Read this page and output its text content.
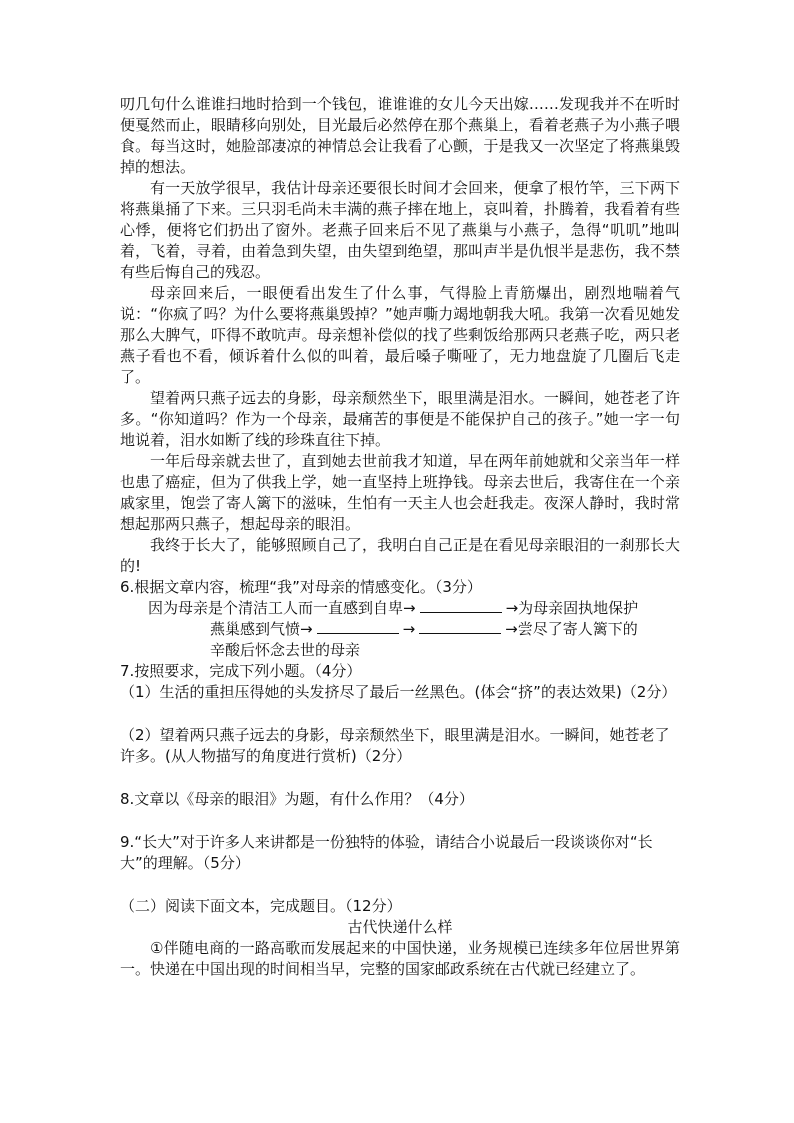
叨几句什么谁谁扫地时拾到一个钱包，谁谁谁的女儿今天出嫁……发现我并不在听时便戛然而止，眼睛移向别处，目光最后必然停在那个燕巢上，看着老燕子为小燕子喂食。每当这时，她脸部凄凉的神情总会让我看了心颤，于是我又一次坚定了将燕巢毁掉的想法。

有一天放学很早，我估计母亲还要很长时间才会回来，便拿了根竹竿，三下两下将燕巢捅了下来。三只羽毛尚未丰满的燕子摔在地上，哀叫着，扑腾着，我看着有些心悸，便将它们扔出了窗外。老燕子回来后不见了燕巢与小燕子，急得“叽叽”地叫着，飞着，寻着，由着急到失望，由失望到绝望，那叫声半是仇恨半是悲伤，我不禁有些后悔自己的残忍。

母亲回来后，一眼便看出发生了什么事，气得脸上青筋爆出，剧烈地喘着气说：“你疯了吗？为什么要将燕巢毁掉？”她声嘶力竭地朝我大吼。我第一次看见她发那么大脾气，吓得不敢吭声。母亲想补偿似的找了些剩饭给那两只老燕子吃，两只老燕子看也不看，倾诉着什么似的叫着，最后嗓子嘶哑了，无力地盘旋了几圈后飞走了。

望着两只燕子远去的身影，母亲颓然坐下，眼里满是泪水。一瞬间，她苍老了许多。“你知道吗？作为一个母亲，最痛苦的事便是不能保护自己的孩子。”她一字一句地说着，泪水如断了线的珍珠直往下掉。

一年后母亲就去世了，直到她去世前我才知道，早在两年前她就和父亲当年一样也患了癌症，但为了供我上学，她一直坚持上班挣钱。母亲去世后，我寄住在一个亲戚家里，饱尝了寄人篱下的滋味，生怕有一天主人也会赶我走。夜深人静时，我时常想起那两只燕子，想起母亲的眼泪。

我终于长大了，能够照顾自己了，我明白自己正是在看见母亲眼泪的一刹那长大的!

6.根据文章内容，梳理“我”对母亲的情感变化。（3分）

因为母亲是个清洁工人而一直感到自卑→	→为母亲固执地保护

燕巢感到气愤→	→	→尝尽了寄人篱下的

辛酸后怀念去世的母亲

7.按照要求，完成下列小题。（4分）

（1）生活的重担压得她的头发挤尽了最后一丝黑色。(体会“挤”的表达效果)（2分）

（2）望着两只燕子远去的身影，母亲颓然坐下，眼里满是泪水。一瞬间，她苍老了许多。(从人物描写的角度进行赏析)（2分）

8.文章以《母亲的眼泪》为题，有什么作用？（4分）

9.“长大”对于许多人来讲都是一份独特的体验，请结合小说最后一段谈谈你对“长大”的理解。（5分）

（二）阅读下面文本，完成题目。（12分）

古代快递什么样

①伴随电商的一路高歌而发展起来的中国快递，业务规模已连续多年位居世界第一。快递在中国出现的时间相当早，完整的国家邮政系统在古代就已经建立了。
